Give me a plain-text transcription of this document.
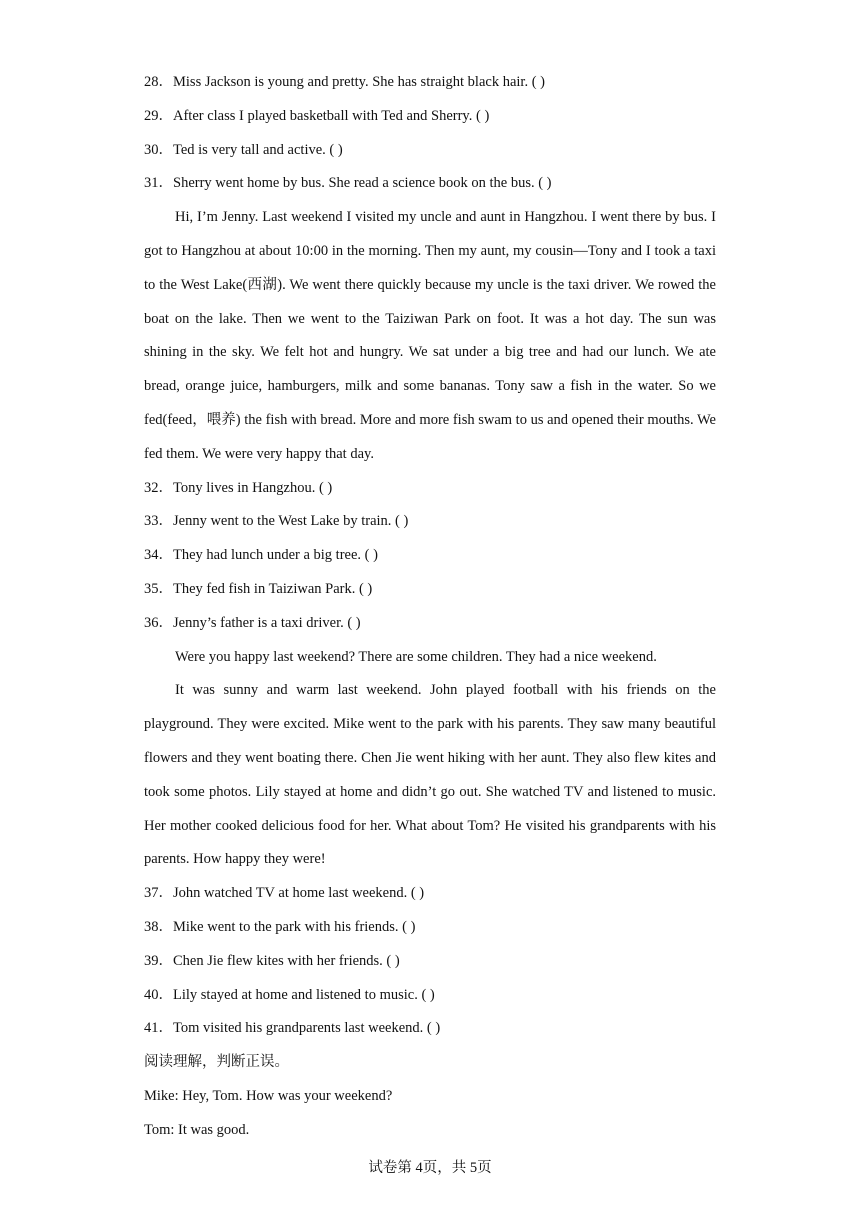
28．Miss Jackson is young and pretty. She has straight black hair. ( )
29．After class I played basketball with Ted and Sherry. ( )
30．Ted is very tall and active. ( )
31．Sherry went home by bus. She read a science book on the bus. ( )

Hi, I’m Jenny. Last weekend I visited my uncle and aunt in Hangzhou. I went there by bus. I got to Hangzhou at about 10:00 in the morning. Then my aunt, my cousin—Tony and I took a taxi to the West Lake(西湖). We went there quickly because my uncle is the taxi driver. We rowed the boat on the lake. Then we went to the Taiziwan Park on foot. It was a hot day. The sun was shining in the sky. We felt hot and hungry. We sat under a big tree and had our lunch. We ate bread, orange juice, hamburgers, milk and some bananas. Tony saw a fish in the water. So we fed(feed，喂养) the fish with bread. More and more fish swam to us and opened their mouths. We fed them. We were very happy that day.

32．Tony lives in Hangzhou. ( )
33．Jenny went to the West Lake by train. ( )
34．They had lunch under a big tree. ( )
35．They fed fish in Taiziwan Park. ( )
36．Jenny’s father is a taxi driver. ( )

Were you happy last weekend? There are some children. They had a nice weekend.

It was sunny and warm last weekend. John played football with his friends on the playground. They were excited. Mike went to the park with his parents. They saw many beautiful flowers and they went boating there. Chen Jie went hiking with her aunt. They also flew kites and took some photos. Lily stayed at home and didn’t go out. She watched TV and listened to music. Her mother cooked delicious food for her. What about Tom? He visited his grandparents with his parents. How happy they were!

37．John watched TV at home last weekend. ( )
38．Mike went to the park with his friends. ( )
39．Chen Jie flew kites with her friends. ( )
40．Lily stayed at home and listened to music. ( )
41．Tom visited his grandparents last weekend. ( )
阅读理解，判断正误。
Mike: Hey, Tom. How was your weekend?
Tom: It was good.
试卷第 4页，共 5页
